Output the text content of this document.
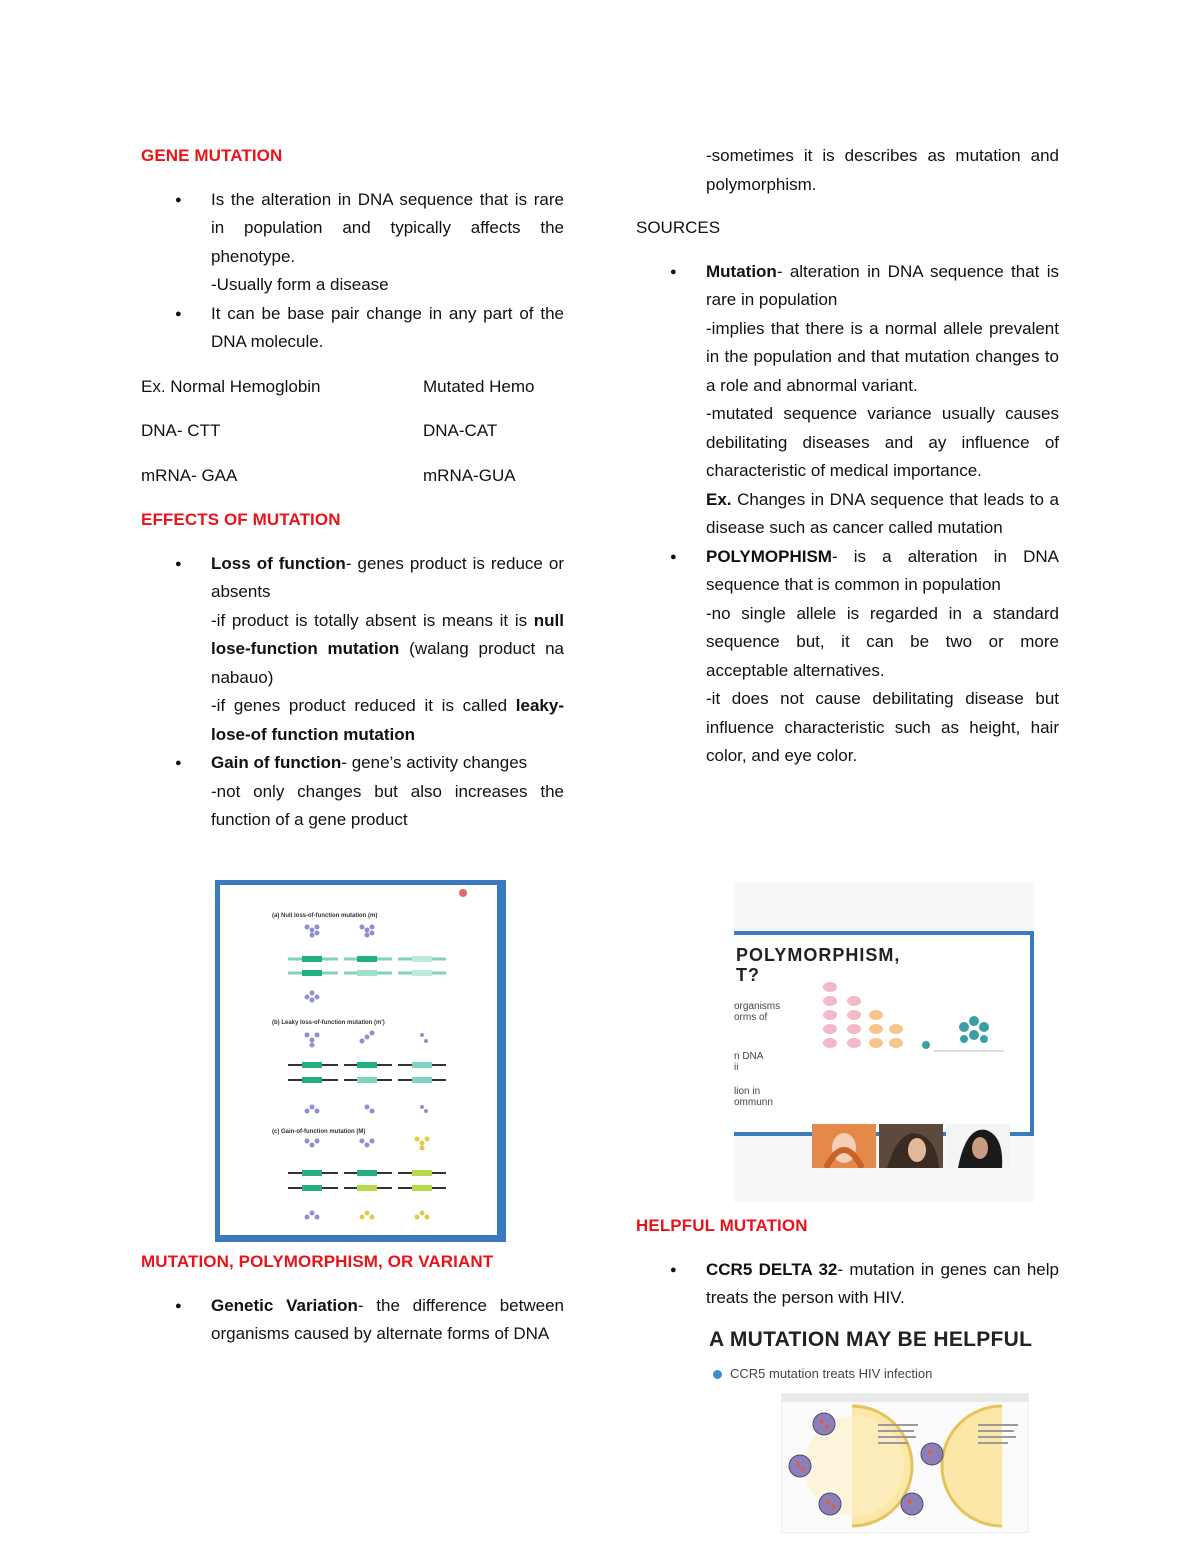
GENE MUTATION
● Is the alteration in DNA sequence that is rare in population and typically affects the phenotype.
-Usually form a disease
● It can be base pair change in any part of the DNA molecule.
Ex. Normal Hemoglobin	Mutated Hemo
DNA- CTT	DNA-CAT
mRNA- GAA	mRNA-GUA
EFFECTS OF MUTATION
● Loss of function- genes product is reduce or absents
-if product is totally absent is means it is null lose-function mutation (walang product na nabauo)
-if genes product reduced it is called leaky-lose-of function mutation
● Gain of function- gene’s activity changes
-not only changes but also increases the function of a gene product
(a) Null loss-of-function mutation (m)
(b) Leaky loss-of-function mutation (m')
(c) Gain-of-function mutation (M)
MUTATION, POLYMORPHISM, OR VARIANT
● Genetic Variation- the difference between organisms caused by alternate forms of DNA
-sometimes it is describes as mutation and polymorphism.
SOURCES
● Mutation- alteration in DNA sequence that is rare in population
-implies that there is a normal allele prevalent in the population and that mutation changes to a role and abnormal variant.
-mutated sequence variance usually causes debilitating diseases and ay influence of characteristic of medical importance.
Ex. Changes in DNA sequence that leads to a disease such as cancer called mutation
● POLYMOPHISM- is a alteration in DNA sequence that is common in population
-no single allele is regarded in a standard sequence but, it can be two or more acceptable alternatives.
-it does not cause debilitating disease but influence characteristic such as height, hair color, and eye color.
POLYMORPHISM,
T?
organisms
orms of
n DNA
ii
lion in
ommunn
HELPFUL MUTATION
● CCR5 DELTA 32- mutation in genes can help treats the person with HIV.
A MUTATION MAY BE HELPFUL
CCR5 mutation treats HIV infection
